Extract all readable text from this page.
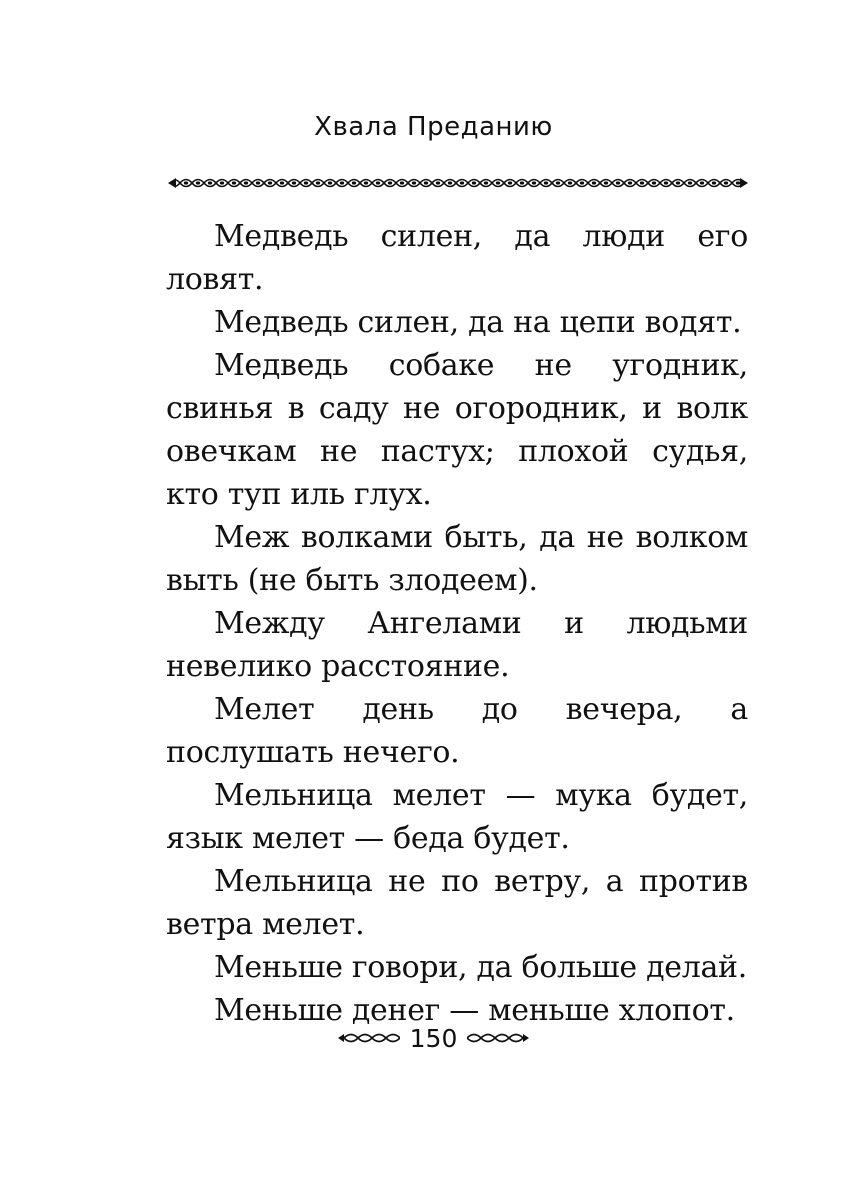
Хвала Преданию

Медведь силен, да люди его ловят.

Медведь силен, да на цепи водят.

Медведь собаке не угодник, свинья в саду не огородник, и волк овечкам не пастух; плохой судья, кто туп иль глух.

Меж волками быть, да не волком выть (не быть злодеем).

Между Ангелами и людьми невелико расстояние.

Мелет день до вечера, а послушать нечего.

Мельница мелет — мука будет, язык мелет — беда будет.

Мельница не по ветру, а против ветра мелет.

Меньше говори, да больше делай.

Меньше денег — меньше хлопот.

150
